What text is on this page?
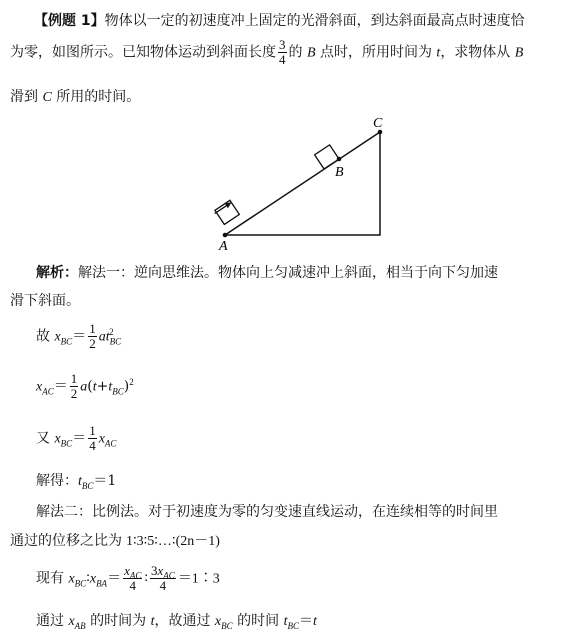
【例题 1】物体以一定的初速度冲上固定的光滑斜面，到达斜面最高点时速度恰
为零，如图所示。已知物体运动到斜面长度 $\frac{3}{4}$ 的 B 点时，所用时间为 t，求物体从 B
滑到 C 所用的时间。
A
B
C
解析：解法一：逆向思维法。物体向上匀减速冲上斜面，相当于向下匀加速
滑下斜面。
故 $x_{BC}= \frac{1}{2} at_{BC}^2$
$x_{AC}= \frac{1}{2} a(t+t_{BC})^2$
又 $x_{BC}= \frac{1}{4} x_{AC}$
解得：$t_{BC}=1$
解法二：比例法。对于初速度为零的匀变速直线运动，在连续相等的时间里
通过的位移之比为 1∶3∶5∶…∶(2n－1)
现有 $x_{BC}∶x_{BA}= \frac{x_{AC}}{4}$ ∶ $\frac{3x_{AC}}{4}$ ＝1∶3
通过 $x_{AB}$ 的时间为 t，故通过 $x_{BC}$ 的时间 $t_{BC}=t$
